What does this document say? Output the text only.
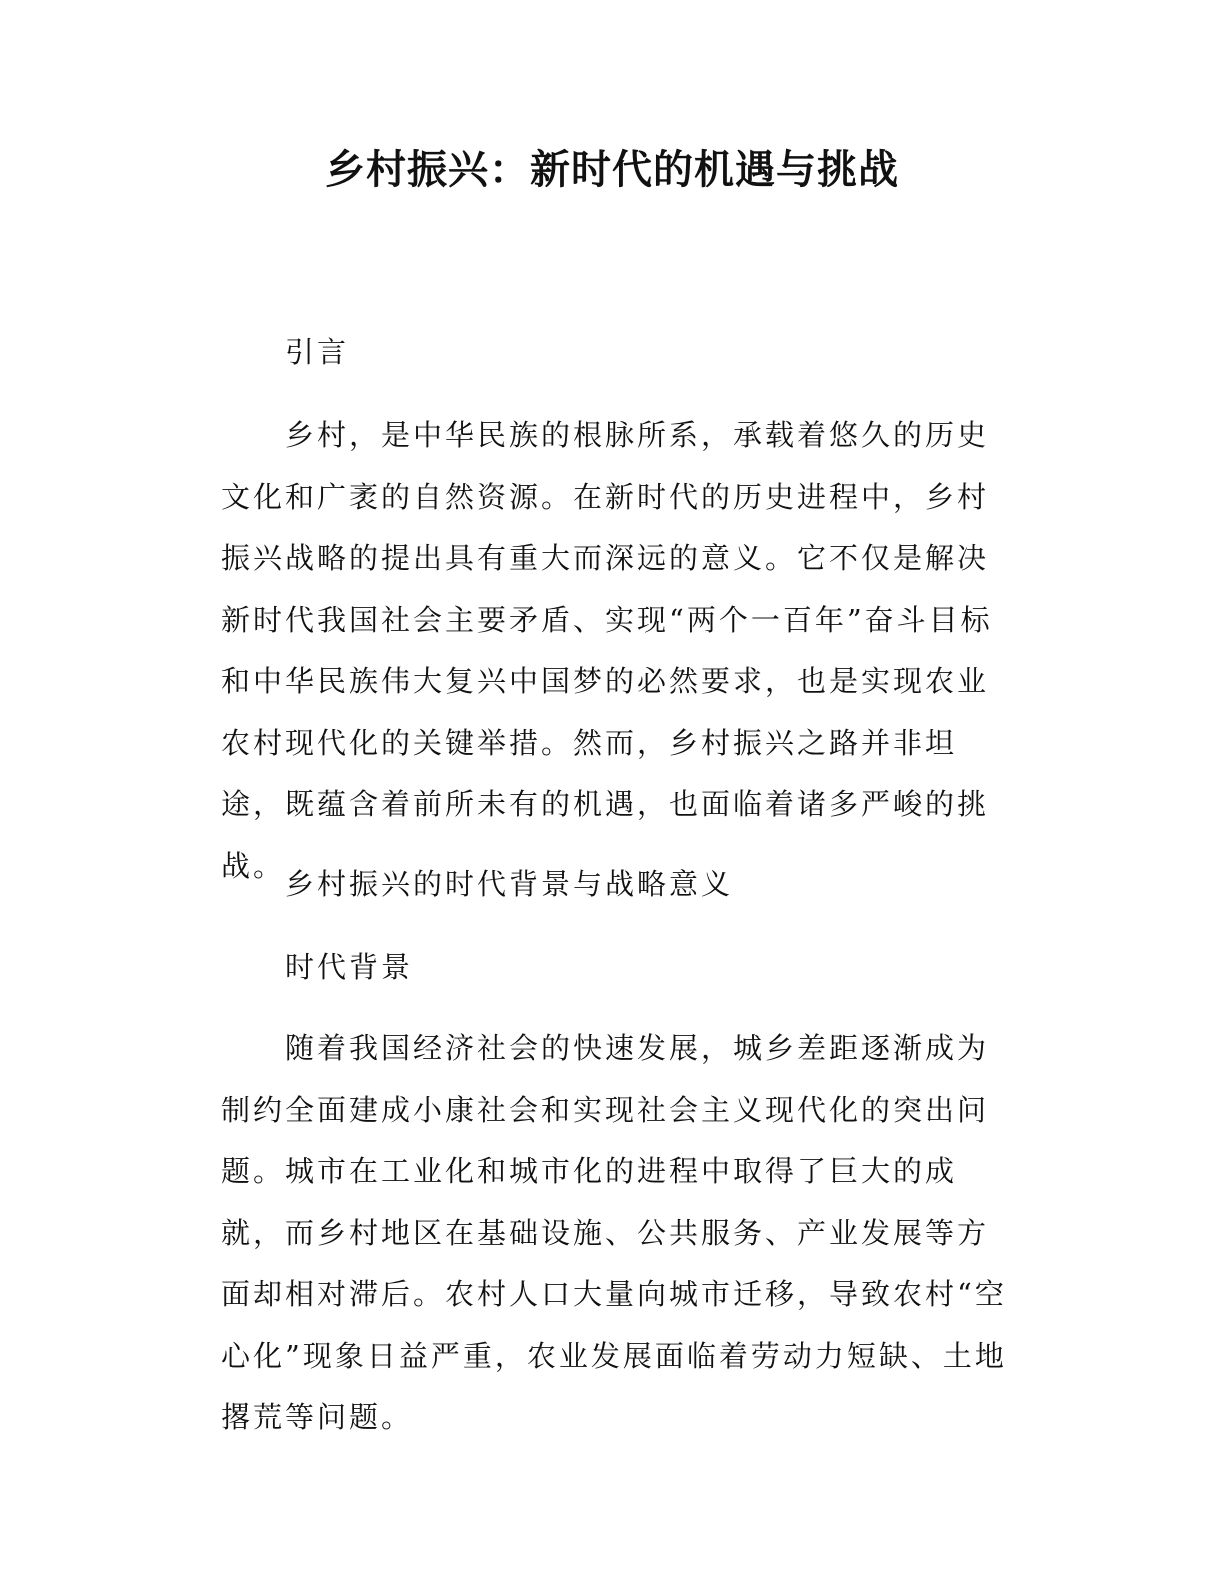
乡村振兴：新时代的机遇与挑战

引言

乡村，是中华民族的根脉所系，承载着悠久的历史文化和广袤的自然资源。在新时代的历史进程中，乡村振兴战略的提出具有重大而深远的意义。它不仅是解决新时代我国社会主要矛盾、实现“两个一百年”奋斗目标和中华民族伟大复兴中国梦的必然要求，也是实现农业农村现代化的关键举措。然而，乡村振兴之路并非坦途，既蕴含着前所未有的机遇，也面临着诸多严峻的挑战。

乡村振兴的时代背景与战略意义

时代背景

随着我国经济社会的快速发展，城乡差距逐渐成为制约全面建成小康社会和实现社会主义现代化的突出问题。城市在工业化和城市化的进程中取得了巨大的成就，而乡村地区在基础设施、公共服务、产业发展等方面却相对滞后。农村人口大量向城市迁移，导致农村“空心化”现象日益严重，农业发展面临着劳动力短缺、土地撂荒等问题。
